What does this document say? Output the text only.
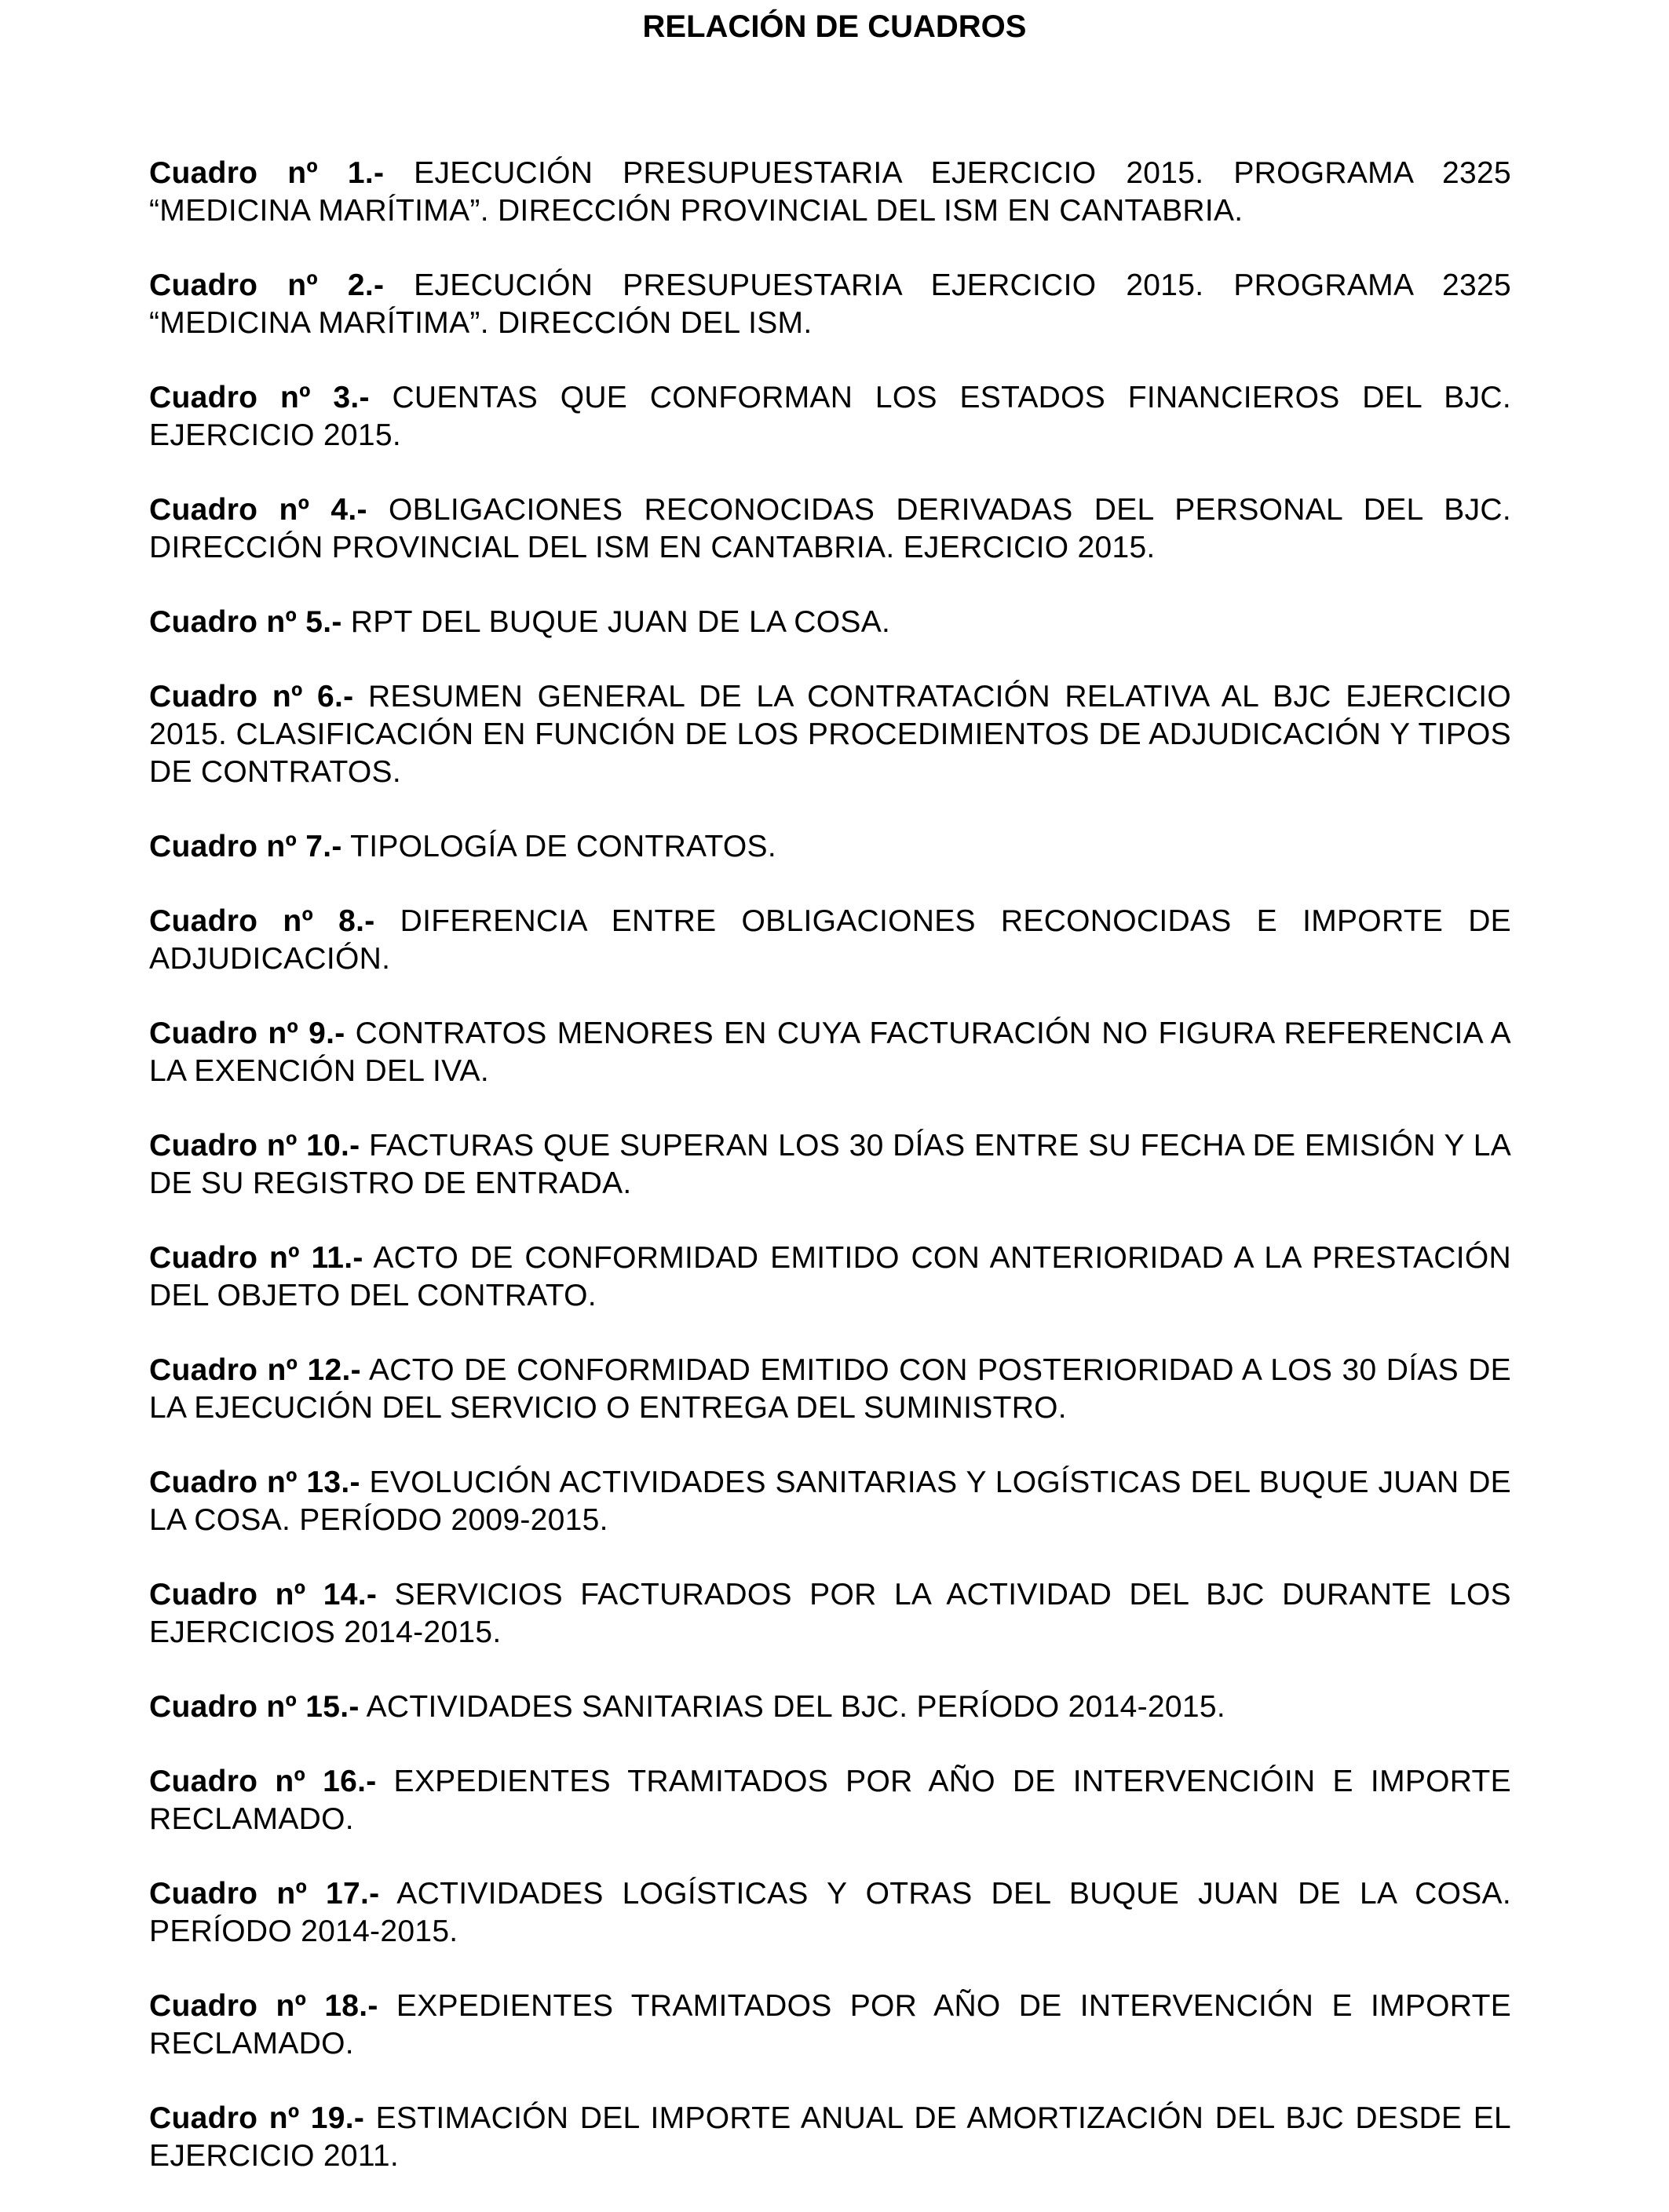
RELACIÓN DE CUADROS
Cuadro nº 1.- EJECUCIÓN PRESUPUESTARIA EJERCICIO 2015. PROGRAMA 2325 “MEDICINA MARÍTIMA”. DIRECCIÓN PROVINCIAL DEL ISM EN CANTABRIA.
Cuadro nº 2.- EJECUCIÓN PRESUPUESTARIA EJERCICIO 2015. PROGRAMA 2325 “MEDICINA MARÍTIMA”. DIRECCIÓN DEL ISM.
Cuadro nº 3.- CUENTAS QUE CONFORMAN LOS ESTADOS FINANCIEROS DEL BJC. EJERCICIO 2015.
Cuadro nº 4.- OBLIGACIONES RECONOCIDAS DERIVADAS DEL PERSONAL DEL BJC. DIRECCIÓN PROVINCIAL DEL ISM EN CANTABRIA. EJERCICIO 2015.
Cuadro nº 5.- RPT DEL BUQUE JUAN DE LA COSA.
Cuadro nº 6.- RESUMEN GENERAL DE LA CONTRATACIÓN RELATIVA AL BJC EJERCICIO 2015. CLASIFICACIÓN EN FUNCIÓN DE LOS PROCEDIMIENTOS DE ADJUDICACIÓN Y TIPOS DE CONTRATOS.
Cuadro nº 7.- TIPOLOGÍA DE CONTRATOS.
Cuadro nº 8.- DIFERENCIA ENTRE OBLIGACIONES RECONOCIDAS E IMPORTE DE ADJUDICACIÓN.
Cuadro nº 9.- CONTRATOS MENORES EN CUYA FACTURACIÓN NO FIGURA REFERENCIA A LA EXENCIÓN DEL IVA.
Cuadro nº 10.- FACTURAS QUE SUPERAN LOS 30 DÍAS ENTRE SU FECHA DE EMISIÓN Y LA DE SU REGISTRO DE ENTRADA.
Cuadro nº 11.- ACTO DE CONFORMIDAD EMITIDO CON ANTERIORIDAD A LA PRESTACIÓN DEL OBJETO DEL CONTRATO.
Cuadro nº 12.- ACTO DE CONFORMIDAD EMITIDO CON POSTERIORIDAD A LOS 30 DÍAS DE LA EJECUCIÓN DEL SERVICIO O ENTREGA DEL SUMINISTRO.
Cuadro nº 13.- EVOLUCIÓN ACTIVIDADES SANITARIAS Y LOGÍSTICAS DEL BUQUE JUAN DE LA COSA. PERÍODO 2009-2015.
Cuadro nº 14.- SERVICIOS FACTURADOS POR LA ACTIVIDAD DEL BJC DURANTE LOS EJERCICIOS 2014-2015.
Cuadro nº 15.- ACTIVIDADES SANITARIAS DEL BJC. PERÍODO 2014-2015.
Cuadro nº 16.- EXPEDIENTES TRAMITADOS POR AÑO DE INTERVENCIÓIN E IMPORTE RECLAMADO.
Cuadro nº 17.- ACTIVIDADES LOGÍSTICAS Y OTRAS DEL BUQUE JUAN DE LA COSA. PERÍODO 2014-2015.
Cuadro nº 18.- EXPEDIENTES TRAMITADOS POR AÑO DE INTERVENCIÓN E IMPORTE RECLAMADO.
Cuadro nº 19.- ESTIMACIÓN DEL IMPORTE ANUAL DE AMORTIZACIÓN DEL BJC DESDE EL EJERCICIO 2011.
